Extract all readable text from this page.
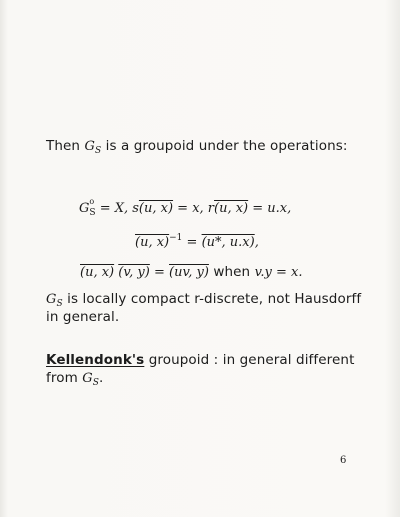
Then $G_S$ is a groupoid under the operations:
G $_{o S}$ = X, s(u, x) = x, r(u, x) = u.x,
(u, x)$^{-1}$ = (u*, u.x),
(u, x) (v, y) = (uv, y) when v.y = x.
$G_S$ is locally compact r-discrete, not Hausdorff
in general.
Kellendonk's groupoid : in general different
from $G_S$.
6
